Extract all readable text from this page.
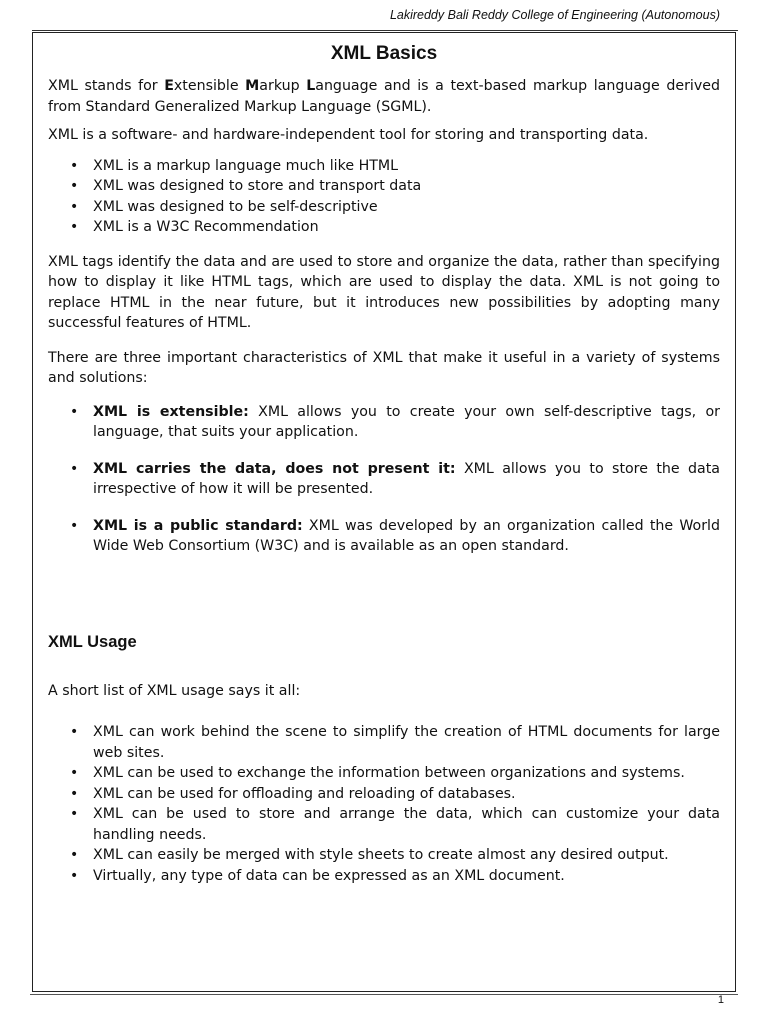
Lakireddy Bali Reddy College of Engineering (Autonomous)
1
XML Basics

XML stands for Extensible Markup Language and is a text-based markup language derived from Standard Generalized Markup Language (SGML).

XML is a software- and hardware-independent tool for storing and transporting data.

• XML is a markup language much like HTML
• XML was designed to store and transport data
• XML was designed to be self-descriptive
• XML is a W3C Recommendation

XML tags identify the data and are used to store and organize the data, rather than specifying how to display it like HTML tags, which are used to display the data. XML is not going to replace HTML in the near future, but it introduces new possibilities by adopting many successful features of HTML.

There are three important characteristics of XML that make it useful in a variety of systems and solutions:

• XML is extensible: XML allows you to create your own self-descriptive tags, or language, that suits your application.
• XML carries the data, does not present it: XML allows you to store the data irrespective of how it will be presented.
• XML is a public standard: XML was developed by an organization called the World Wide Web Consortium (W3C) and is available as an open standard.
XML Usage

A short list of XML usage says it all:

• XML can work behind the scene to simplify the creation of HTML documents for large web sites.
• XML can be used to exchange the information between organizations and systems.
• XML can be used for offloading and reloading of databases.
• XML can be used to store and arrange the data, which can customize your data handling needs.
• XML can easily be merged with style sheets to create almost any desired output.
• Virtually, any type of data can be expressed as an XML document.
